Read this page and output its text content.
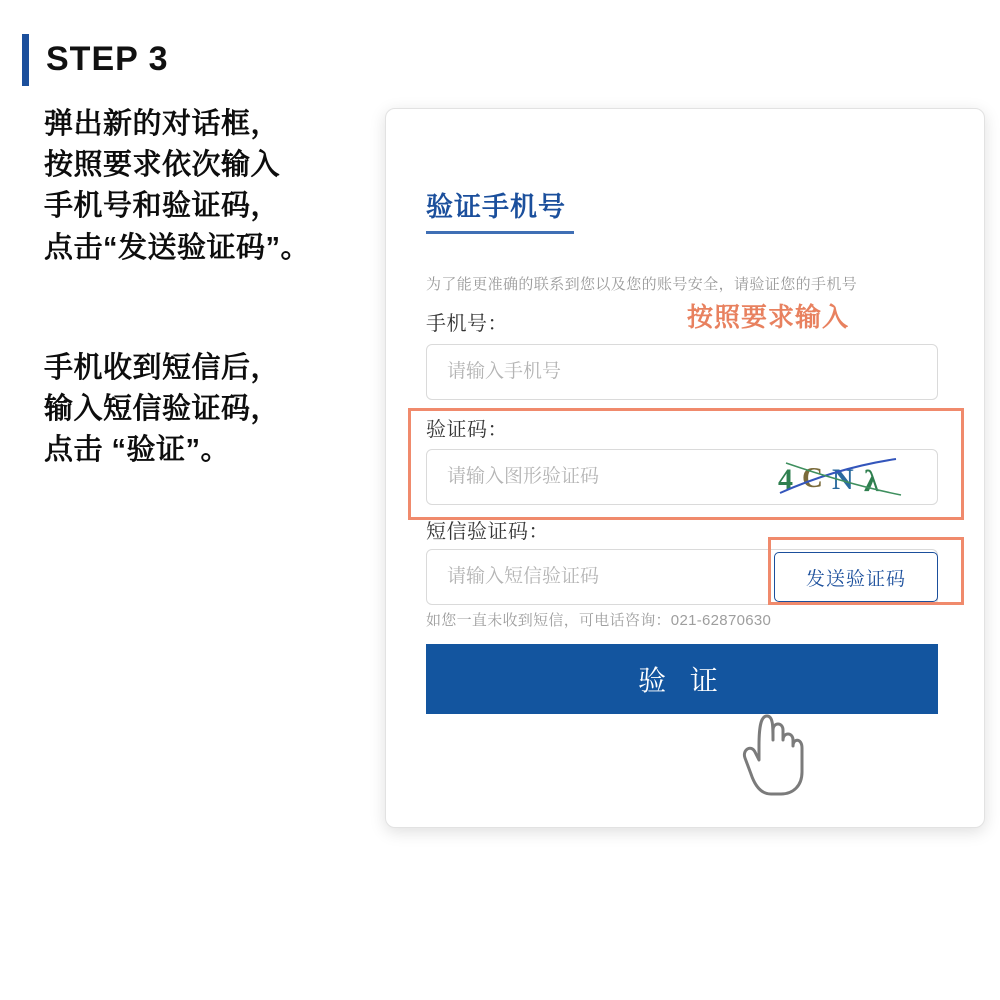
STEP 3
弹出新的对话框，
按照要求依次输入
手机号和验证码，
点击“发送验证码”。
手机收到短信后，
输入短信验证码，
点击 “验证”。
验证手机号
为了能更准确的联系到您以及您的账号安全，请验证您的手机号
手机号：
请输入手机号
验证码：
请输入图形验证码
4 C N λ
短信验证码：
请输入短信验证码
发送验证码
如您一直未收到短信，可电话咨询：021-62870630
验 证
按照要求输入
